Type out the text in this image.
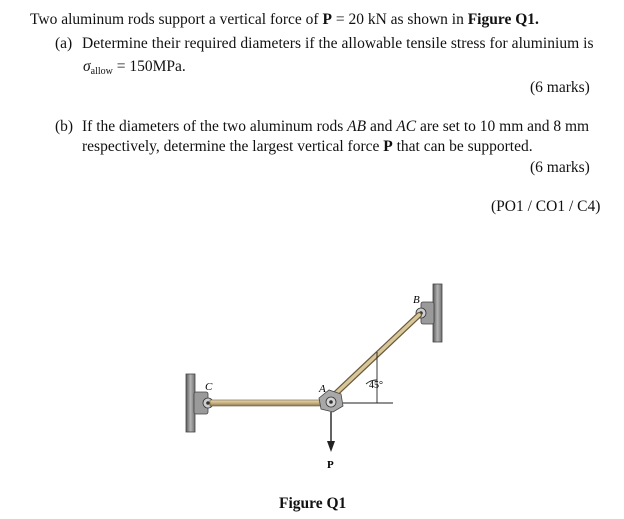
Two aluminum rods support a vertical force of P = 20 kN as shown in Figure Q1.
(a) Determine their required diameters if the allowable tensile stress for aluminium is
$\sigma_{allow} = 150MPa$.
(6 marks)
(b) If the diameters of the two aluminum rods AB and AC are set to 10 mm and 8 mm
respectively, determine the largest vertical force P that can be supported.
(6 marks)
(PO1 / CO1 / C4)
B
C	A	45°
P
Figure Q1
